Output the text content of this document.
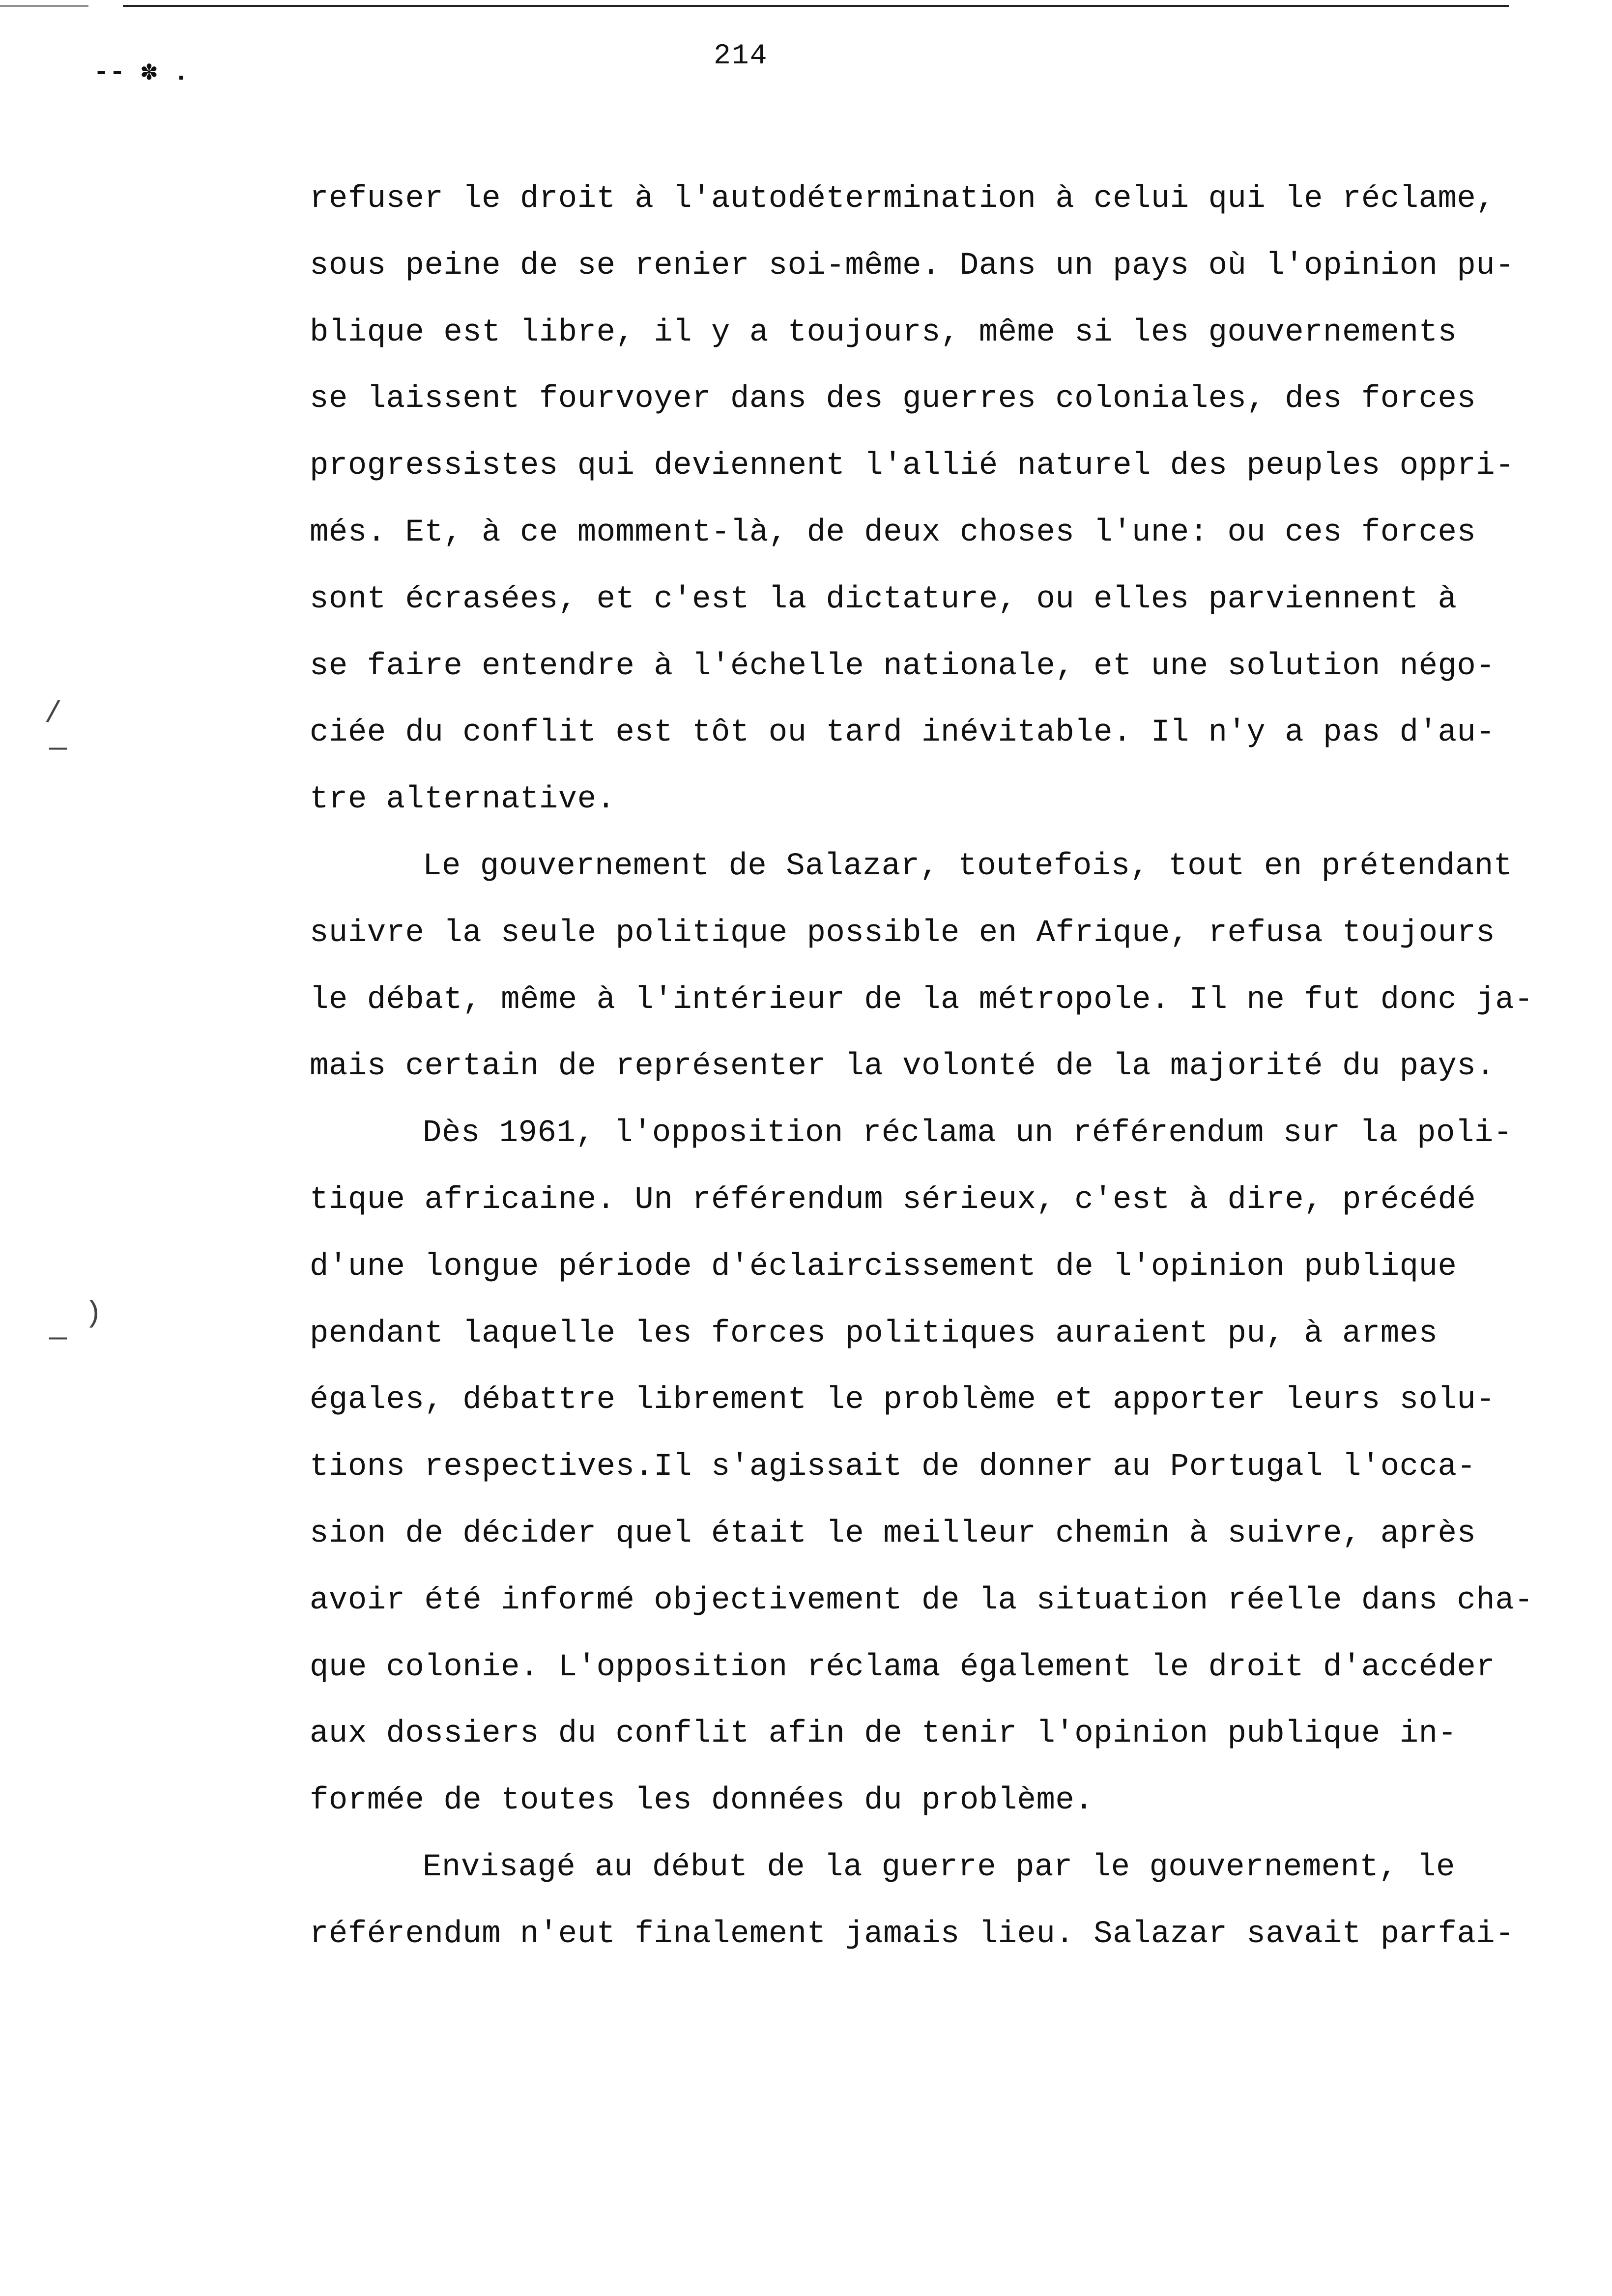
-- ✽ .
/
—
—
)
214
refuser le droit à l'autodétermination à celui qui le réclame,
sous peine de se renier soi-même. Dans un pays où l'opinion pu-
blique est libre, il y a toujours, même si les gouvernements
se laissent fourvoyer dans des guerres coloniales, des forces
progressistes qui deviennent l'allié naturel des peuples oppri-
més. Et, à ce momment-là, de deux choses l'une: ou ces forces
sont écrasées, et c'est la dictature, ou elles parviennent à
se faire entendre à l'échelle nationale, et une solution négo-
ciée du conflit est tôt ou tard inévitable. Il n'y a pas d'au-
tre alternative.
Le gouvernement de Salazar, toutefois, tout en prétendant
suivre la seule politique possible en Afrique, refusa toujours
le débat, même à l'intérieur de la métropole. Il ne fut donc ja-
mais certain de représenter la volonté de la majorité du pays.
Dès 1961, l'opposition réclama un référendum sur la poli-
tique africaine. Un référendum sérieux, c'est à dire, précédé
d'une longue période d'éclaircissement de l'opinion publique
pendant laquelle les forces politiques auraient pu, à armes
égales, débattre librement le problème et apporter leurs solu-
tions respectives.Il s'agissait de donner au Portugal l'occa-
sion de décider quel était le meilleur chemin à suivre, après
avoir été informé objectivement de la situation réelle dans cha-
que colonie. L'opposition réclama également le droit d'accéder
aux dossiers du conflit afin de tenir l'opinion publique in-
formée de toutes les données du problème.
Envisagé au début de la guerre par le gouvernement, le
référendum n'eut finalement jamais lieu. Salazar savait parfai-
